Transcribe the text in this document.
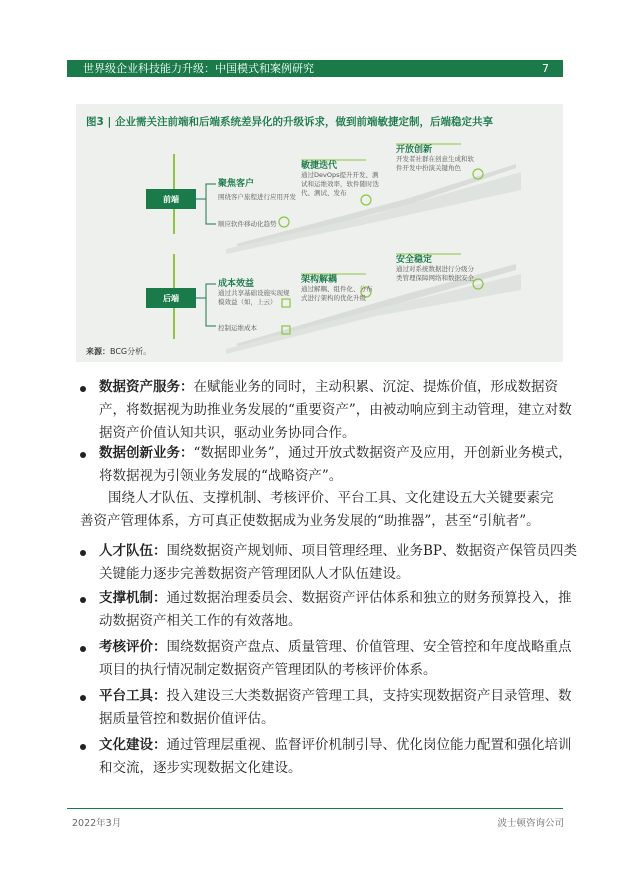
世界级企业科技能力升级：中国模式和案例研究	7
前端
后端
聚焦客户
围绕客户旅程进行应用开发
顺应软件移动化趋势
敏捷迭代
通过DevOps提升开发、测试和运维效率，软件随时迭代、测试、发布
开放创新
开发者社群在创意生成和软件开发中扮演关键角色
成本效益
通过共享基础设施实现规模效益（如，上云）
控制运维成本
架构解耦
通过解耦、组件化、分布式进行架构的优化升级
安全稳定
通过对系统数据进行分级分类管理保障网络和数据安全
图3 | 企业需关注前端和后端系统差异化的升级诉求，做到前端敏捷定制，后端稳定共享
来源：BCG分析。
数据资产服务：在赋能业务的同时，主动积累、沉淀、提炼价值，形成数据资产，将数据视为助推业务发展的“重要资产”，由被动响应到主动管理，建立对数据资产价值认知共识，驱动业务协同合作。
数据创新业务：“数据即业务”，通过开放式数据资产及应用，开创新业务模式，将数据视为引领业务发展的“战略资产”。
围绕人才队伍、支撑机制、考核评价、平台工具、文化建设五大关键要素完善资产管理体系，方可真正使数据成为业务发展的“助推器”，甚至“引航者”。
人才队伍：围绕数据资产规划师、项目管理经理、业务BP、数据资产保管员四类关键能力逐步完善数据资产管理团队人才队伍建设。
支撑机制：通过数据治理委员会、数据资产评估体系和独立的财务预算投入，推动数据资产相关工作的有效落地。
考核评价：围绕数据资产盘点、质量管理、价值管理、安全管控和年度战略重点项目的执行情况制定数据资产管理团队的考核评价体系。
平台工具：投入建设三大类数据资产管理工具，支持实现数据资产目录管理、数据质量管控和数据价值评估。
文化建设：通过管理层重视、监督评价机制引导、优化岗位能力配置和强化培训和交流，逐步实现数据文化建设。
2022年3月	波士顿咨询公司
